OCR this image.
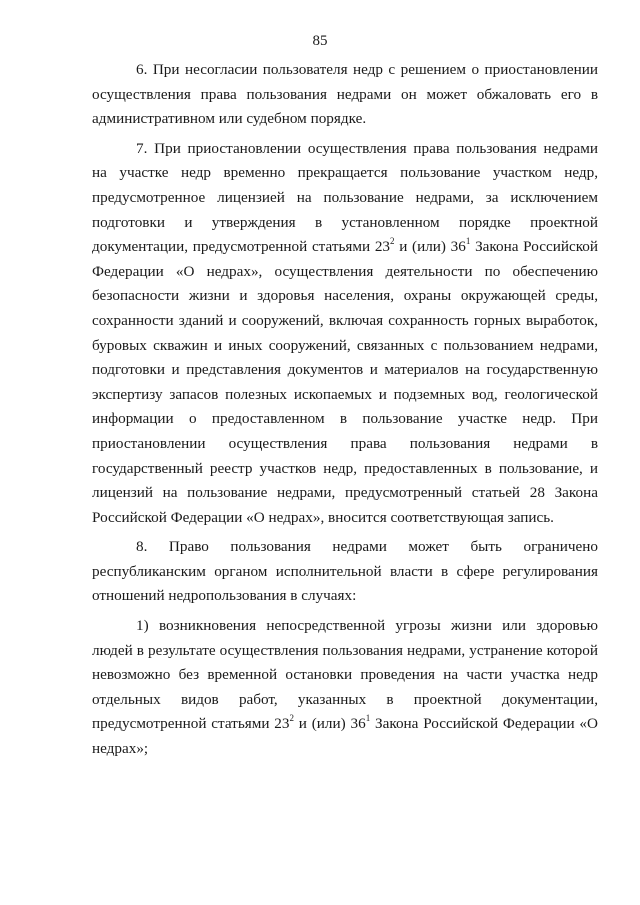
85

6. При несогласии пользователя недр с решением о приостановлении осуществления права пользования недрами он может обжаловать его в административном или судебном порядке.

7. При приостановлении осуществления права пользования недрами на участке недр временно прекращается пользование участком недр, предусмотренное лицензией на пользование недрами, за исключением подготовки и утверждения в установленном порядке проектной документации, предусмотренной статьями $23^2$ и (или) $36^1$ Закона Российской Федерации «О недрах», осуществления деятельности по обеспечению безопасности жизни и здоровья населения, охраны окружающей среды, сохранности зданий и сооружений, включая сохранность горных выработок, буровых скважин и иных сооружений, связанных с пользованием недрами, подготовки и представления документов и материалов на государственную экспертизу запасов полезных ископаемых и подземных вод, геологической информации о предоставленном в пользование участке недр. При приостановлении осуществления права пользования недрами в государственный реестр участков недр, предоставленных в пользование, и лицензий на пользование недрами, предусмотренный статьей 28 Закона Российской Федерации «О недрах», вносится соответствующая запись.

8. Право пользования недрами может быть ограничено республиканским органом исполнительной власти в сфере регулирования отношений недропользования в случаях:

1) возникновения непосредственной угрозы жизни или здоровью людей в результате осуществления пользования недрами, устранение которой невозможно без временной остановки проведения на части участка недр отдельных видов работ, указанных в проектной документации, предусмотренной статьями $23^2$ и (или) $36^1$ Закона Российской Федерации «О недрах»;
